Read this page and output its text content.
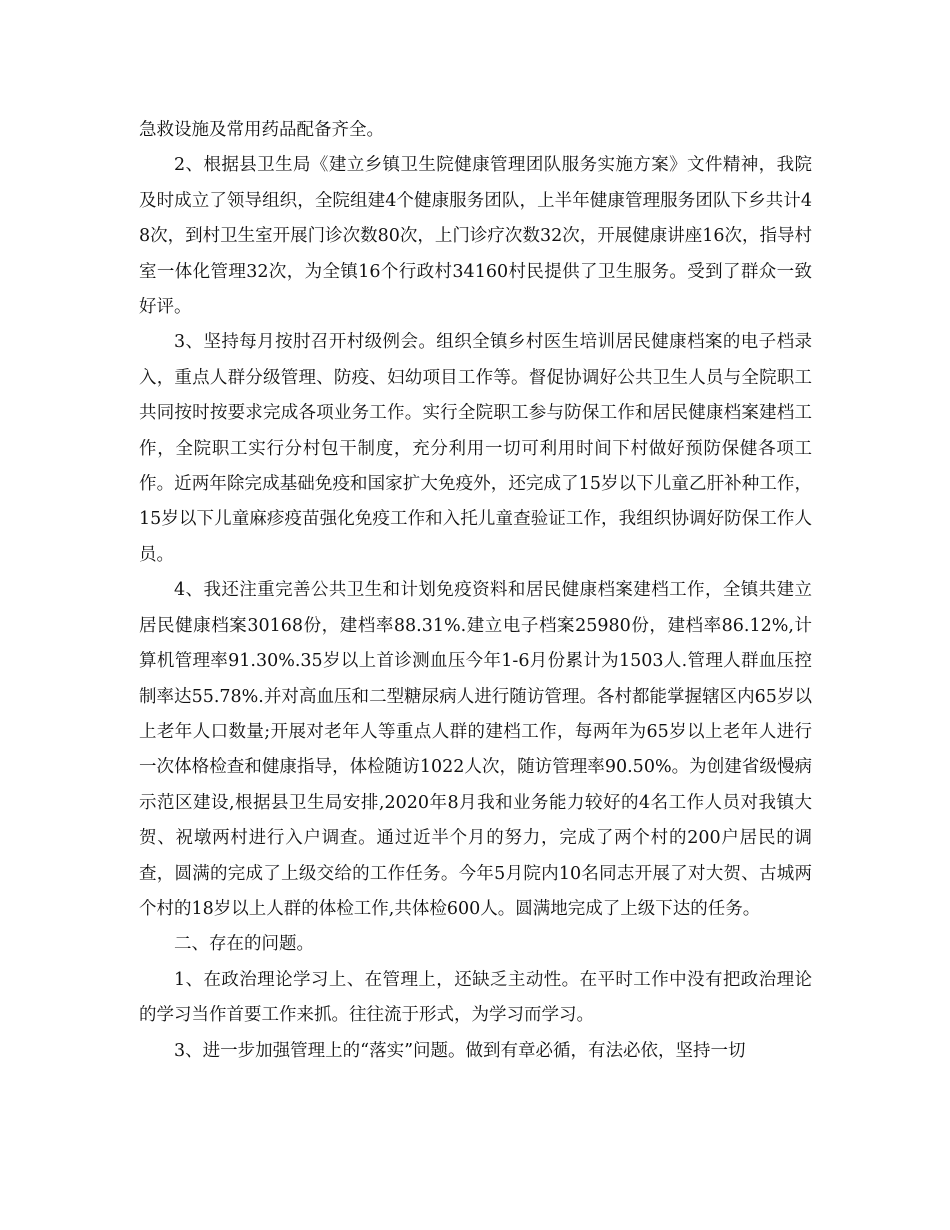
急救设施及常用药品配备齐全。

2、根据县卫生局《建立乡镇卫生院健康管理团队服务实施方案》文件精神，我院及时成立了领导组织，全院组建4个健康服务团队，上半年健康管理服务团队下乡共计48次，到村卫生室开展门诊次数80次，上门诊疗次数32次，开展健康讲座16次，指导村室一体化管理32次，为全镇16个行政村34160村民提供了卫生服务。受到了群众一致好评。

3、坚持每月按肘召开村级例会。组织全镇乡村医生培训居民健康档案的电子档录入，重点人群分级管理、防疫、妇幼项目工作等。督促协调好公共卫生人员与全院职工共同按时按要求完成各项业务工作。实行全院职工参与防保工作和居民健康档案建档工作，全院职工实行分村包干制度，充分利用一切可利用时间下村做好预防保健各项工作。近两年除完成基础免疫和国家扩大免疫外，还完成了15岁以下儿童乙肝补种工作，15岁以下儿童麻疹疫苗强化免疫工作和入托儿童查验证工作，我组织协调好防保工作人员。

4、我还注重完善公共卫生和计划免疫资料和居民健康档案建档工作，全镇共建立居民健康档案30168份，建档率88.31%.建立电子档案25980份，建档率86.12%,计算机管理率91.30%.35岁以上首诊测血压今年1-6月份累计为1503人.管理人群血压控制率达55.78%.并对高血压和二型糖尿病人进行随访管理。各村都能掌握辖区内65岁以上老年人口数量;开展对老年人等重点人群的建档工作，每两年为65岁以上老年人进行一次体格检查和健康指导，体检随访1022人次，随访管理率90.50%。为创建省级慢病示范区建设,根据县卫生局安排,2020年8月我和业务能力较好的4名工作人员对我镇大贺、祝墩两村进行入户调查。通过近半个月的努力，完成了两个村的200户居民的调查，圆满的完成了上级交给的工作任务。今年5月院内10名同志开展了对大贺、古城两个村的18岁以上人群的体检工作,共体检600人。圆满地完成了上级下达的任务。

二、存在的问题。

1、在政治理论学习上、在管理上，还缺乏主动性。在平时工作中没有把政治理论的学习当作首要工作来抓。往往流于形式，为学习而学习。

3、进一步加强管理上的“落实”问题。做到有章必循，有法必依，坚持一切
